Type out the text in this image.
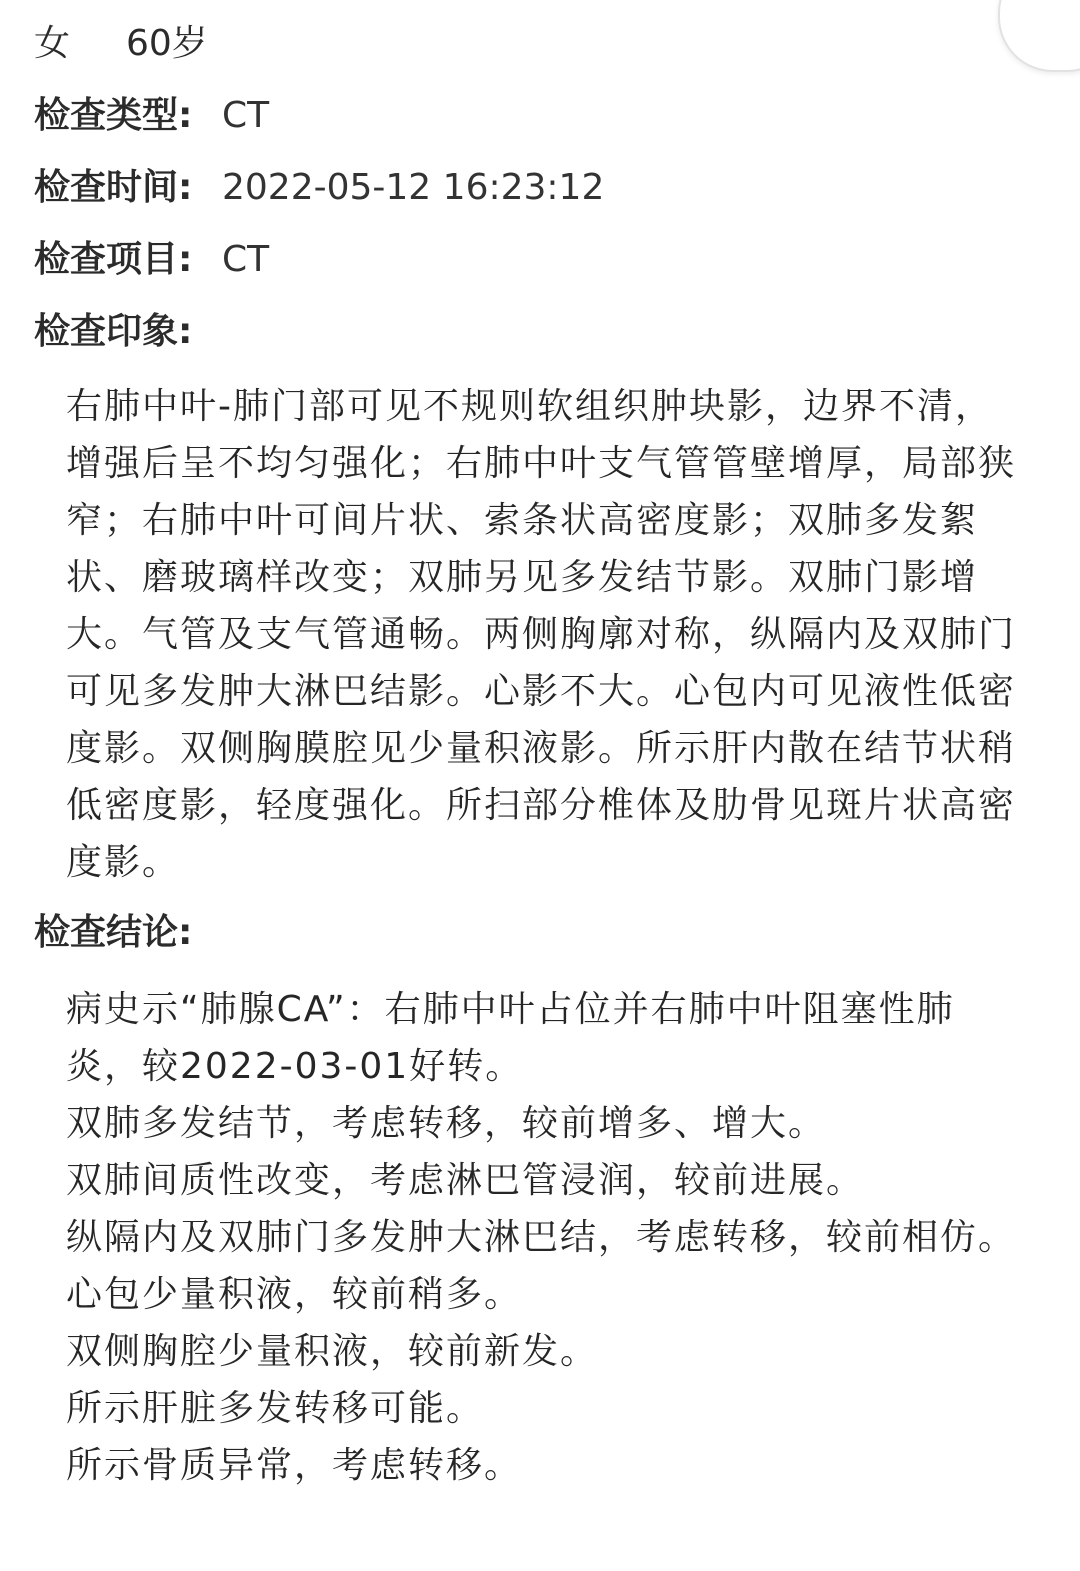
女	60岁
检查类型: CT
检查时间: 2022-05-12 16:23:12
检查项目: CT
检查印象:
右肺中叶-肺门部可见不规则软组织肿块影，边界不清，增强后呈不均匀强化；右肺中叶支气管管壁增厚，局部狭窄；右肺中叶可间片状、索条状高密度影；双肺多发絮状、磨玻璃样改变；双肺另见多发结节影。双肺门影增大。气管及支气管通畅。两侧胸廓对称，纵隔内及双肺门可见多发肿大淋巴结影。心影不大。心包内可见液性低密度影。双侧胸膜腔见少量积液影。所示肝内散在结节状稍低密度影，轻度强化。所扫部分椎体及肋骨见斑片状高密度影。
检查结论:
病史示“肺腺CA”：右肺中叶占位并右肺中叶阻塞性肺炎，较2022-03-01好转。
双肺多发结节，考虑转移，较前增多、增大。
双肺间质性改变，考虑淋巴管浸润，较前进展。
纵隔内及双肺门多发肿大淋巴结，考虑转移，较前相仿。
心包少量积液，较前稍多。
双侧胸腔少量积液，较前新发。
所示肝脏多发转移可能。
所示骨质异常，考虑转移。
